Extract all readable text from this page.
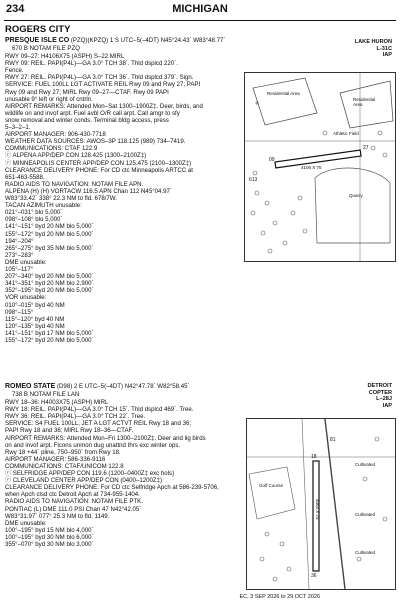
234	MICHIGAN
ROGERS CITY
PRESQUE ISLE CO (PZQ)(KPZQ) 1 S UTC–5(–4DT) N45°24.43´ W83°48.77´
670 B NOTAM FILE PZQ
LAKE HURON
L-31C
IAP
RWY 09–27: H4106X75 (ASPH) S–22 MIRL
RWY 09: REIL. PAPI(P4L)—GA 3.0° TCH 38´. Thld dsplcd 220´.
Fence.
RWY 27: REIL. PAPI(P4L)—GA 3.0° TCH 36´. Thld dsplcd 379´. Sign.
SERVICE: FUEL 100LL LGT ACTIVATE REIL Rwy 09 and Rwy 27; PAPI
Rwy 09 and Rwy 27; MIRL Rwy 09–27—CTAF. Rwy 09 PAPI
unusable 9° left or right of cntrln.
AIRPORT REMARKS: Attended Mon–Sat 1300–1900Z‡. Deer, birds, and
wildlife on and invof arpt. Fuel avbl O/R call arpt. Call amgr to sfy
snow removal and winter conds. Terminal bldg access, press
5–3–2–1.
AIRPORT MANAGER: 906-430-7718
WEATHER DATA SOURCES: AWOS–3P 118.125 (989) 734–7419.
COMMUNICATIONS: CTAF 122.9
ⓡ ALPENA APP/DEP CON 128.425 (1300–2100Z‡)
ⓡ MINNEAPOLIS CENTER APP/DEP CON 125.475 (2100–1300Z‡)
CLEARANCE DELIVERY PHONE: For CD ctc Minneapolis ARTCC at
651-463-5588.
RADIO AIDS TO NAVIGATION: NOTAM FILE APN.
ALPENA (H) (H) VORTACW 116.5 APN Chan 112 N45°04.97´
W83°33.42´ 338° 22.3 NM to fld. 678/7W.
TACAN AZIMUTH unusable:
021°–031° blo 5,000´
098°–108° blo 5,000´
141°–151° byd 20 NM blo 5,000´
155°–172° byd 20 NM blo 5,000´
194°–204°
265°–275° byd 35 NM blo 5,000´
273°–283°
DME unusable:
105°–117°
207°–340° byd 20 NM blo 5,000´
341°–351° byd 20 NM blo 2,900´
352°–195° byd 20 NM blo 5,000´
VOR unusable:
010°–015° byd 40 NM
098°–115°
115°–120° byd 40 NM
120°–135° byd 40 NM
141°–151° byd 17 NM blo 5,000´
155°–172° byd 20 NM blo 5,000´
Residential Area
Residential Area
Athletic Field
Quarry
4106 X 75
613
09
27
ROMEO STATE (D98) 2 E UTC–5(–4DT) N42°47.78´ W82°58.45´
738 B NOTAM FILE LAN
DETROIT
COPTER
L–28J
IAP
RWY 18–36: H4003X75 (ASPH) MIRL
RWY 18: REIL. PAPI(P4L)—GA 3.0° TCH 15´. Thld dsplcd 469´. Tree.
RWY 36: REIL. PAPI(P4L)—GA 3.0° TCH 22´. Tree.
SERVICE: S4 FUEL 100LL, JET A LGT ACTVT REIL Rwy 18 and 36;
PAPI Rwy 18 and 36; MIRL Rwy 18–36—CTAF.
AIRPORT REMARKS: Attended Mon–Fri 1300–2100Z‡. Deer and lig birds
on and invof arpt. Ficons unmon dug unattnd thrs exc winter ops.
Rwy 18 +44´ pline, 750–950´ from Rwy 18.
AIRPORT MANAGER: 586-336-9116
COMMUNICATIONS: CTAF/UNICOM 122.8
ⓡ SELFRIDGE APP/DEP CON 119.6 (1200–0400Z‡ exc hols)
ⓡ CLEVELAND CENTER APP/DEP CON (0400–1200Z‡)
CLEARANCE DELIVERY PHONE: For CD ctc Selfridge Apch at 586-239-5706,
when Apch clsd ctc Detroit Apch at 734-955-1404.
RADIO AIDS TO NAVIGATION: NOTAM FILE PTK.
PONTIAC (L) DME 111.0 PSI Chan 47 N42°42.05´
W83°31.97´ 077° 25.3 NM to fld. 1149.
DME unusable:
100°–195° byd 15 NM blo 4,000´
100°–195° byd 30 NM blo 6,000´
355°–070° byd 30 NM blo 3,000´
Golf Course
Cultivated
Cultivated
Cultivated
4003 X 75
18
36
81
EC, 3 SEP 2026 to 29 OCT 2026
